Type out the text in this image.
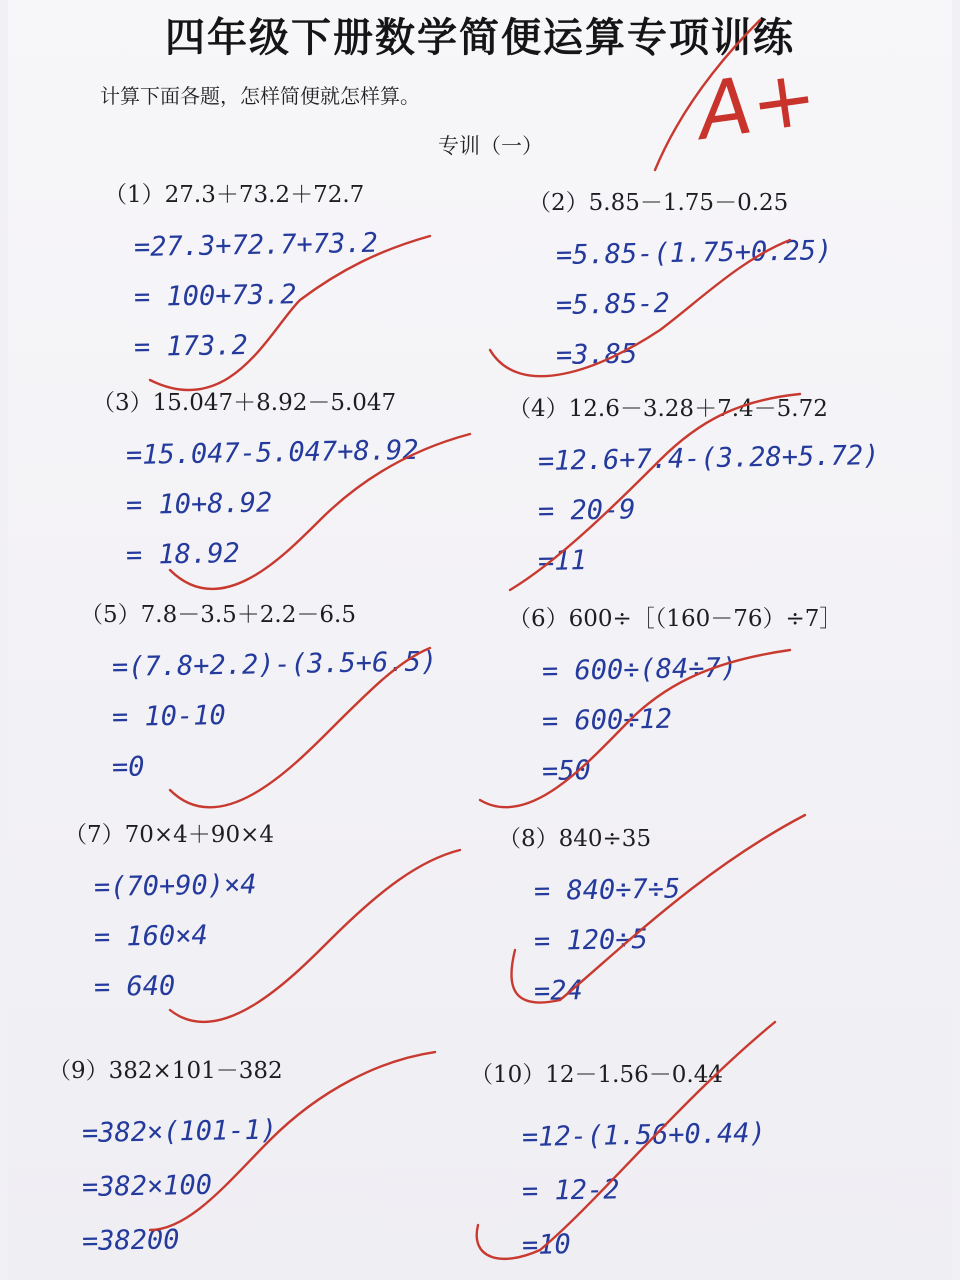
四年级下册数学简便运算专项训练
计算下面各题，怎样简便就怎样算。
专训（一） A+
（1）27.3＋73.2＋72.7
=27.3+72.7+73.2
= 100+73.2
= 173.2
（2）5.85－1.75－0.25
=5.85-(1.75+0.25)
=5.85-2
=3.85
（3）15.047＋8.92－5.047
=15.047-5.047+8.92
= 10+8.92
= 18.92
（4）12.6－3.28＋7.4－5.72
=12.6+7.4-(3.28+5.72)
= 20-9
=11
（5）7.8－3.5＋2.2－6.5
=(7.8+2.2)-(3.5+6.5)
= 10-10
=0
（6）600÷［（160－76）÷7］
= 600÷(84÷7)
= 600÷12
=50
（7）70×4＋90×4
=(70+90)×4
= 160×4
= 640
（8）840÷35
= 840÷7÷5
= 120÷5
=24
（9）382×101－382
=382×(101-1)
=382×100
=38200
（10）12－1.56－0.44
=12-(1.56+0.44)
= 12-2
=10
